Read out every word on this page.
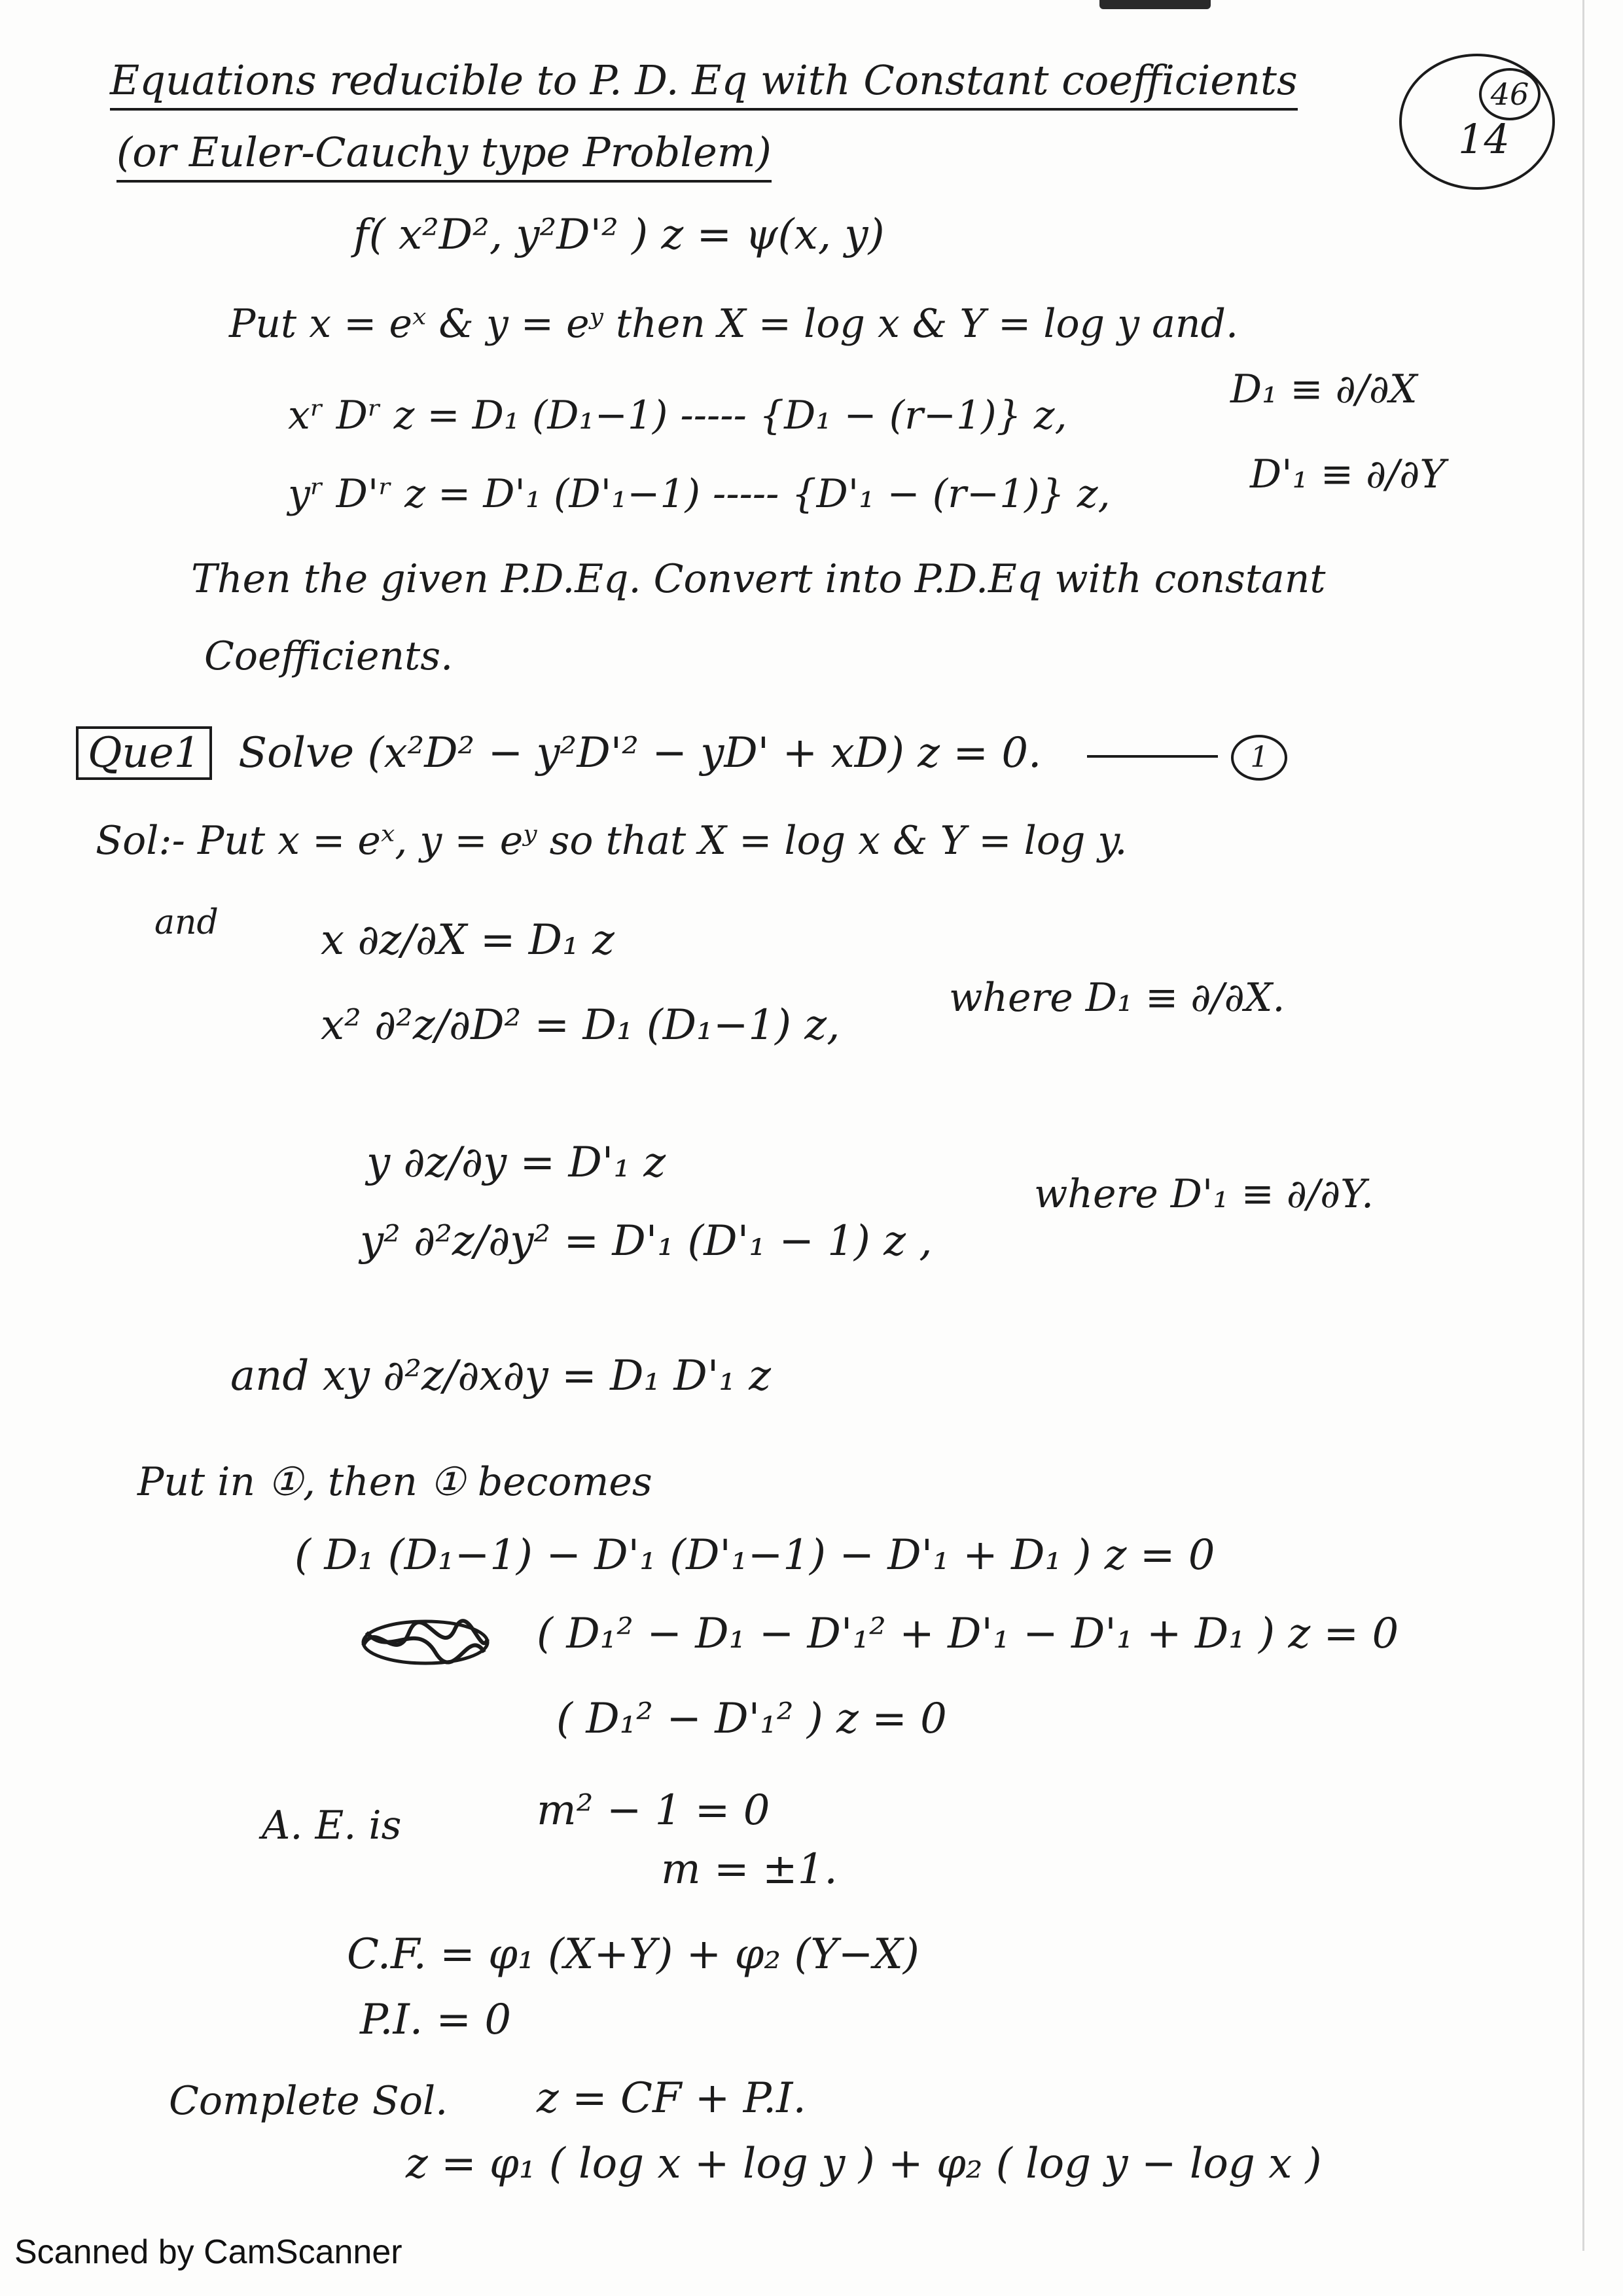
Equations reducible to P. D. Eq with Constant coefficients
(or Euler-Cauchy type Problem)
46
14
f( x²D², y²D'² ) z = ψ(x, y)
Put x = eˣ & y = eʸ then X = log x & Y = log y and.
xʳ Dʳ z = D₁ (D₁−1) ----- {D₁ − (r−1)} z,
D₁ ≡ ∂/∂X
yʳ D'ʳ z = D'₁ (D'₁−1) ----- {D'₁ − (r−1)} z,	D'₁ ≡ ∂/∂Y
Then the given P.D.Eq. Convert into P.D.Eq with constant
Coefficients.
Que1 Solve (x²D² − y²D'² − yD' + xD) z = 0.	1
Sol:- Put x = eˣ, y = eʸ so that X = log x & Y = log y.
and x ∂z/∂X = D₁ z
x² ∂²z/∂D² = D₁ (D₁−1) z,
where D₁ ≡ ∂/∂X.
y ∂z/∂y = D'₁ z
y² ∂²z/∂y² = D'₁ (D'₁ − 1) z ,
where D'₁ ≡ ∂/∂Y.
and xy ∂²z/∂x∂y = D₁ D'₁ z
Put in ①, then ① becomes
( D₁ (D₁−1) − D'₁ (D'₁−1) − D'₁ + D₁ ) z = 0
( D₁² − D₁ − D'₁² + D'₁ − D'₁ + D₁ ) z = 0
( D₁² − D'₁² ) z = 0
A. E. is	m² − 1 = 0
m = ±1.
C.F. = φ₁ (X+Y) + φ₂ (Y−X)
P.I. = 0
Complete Sol. z = CF + P.I.
z = φ₁ ( log x + log y ) + φ₂ ( log y − log x )
Scanned by CamScanner
